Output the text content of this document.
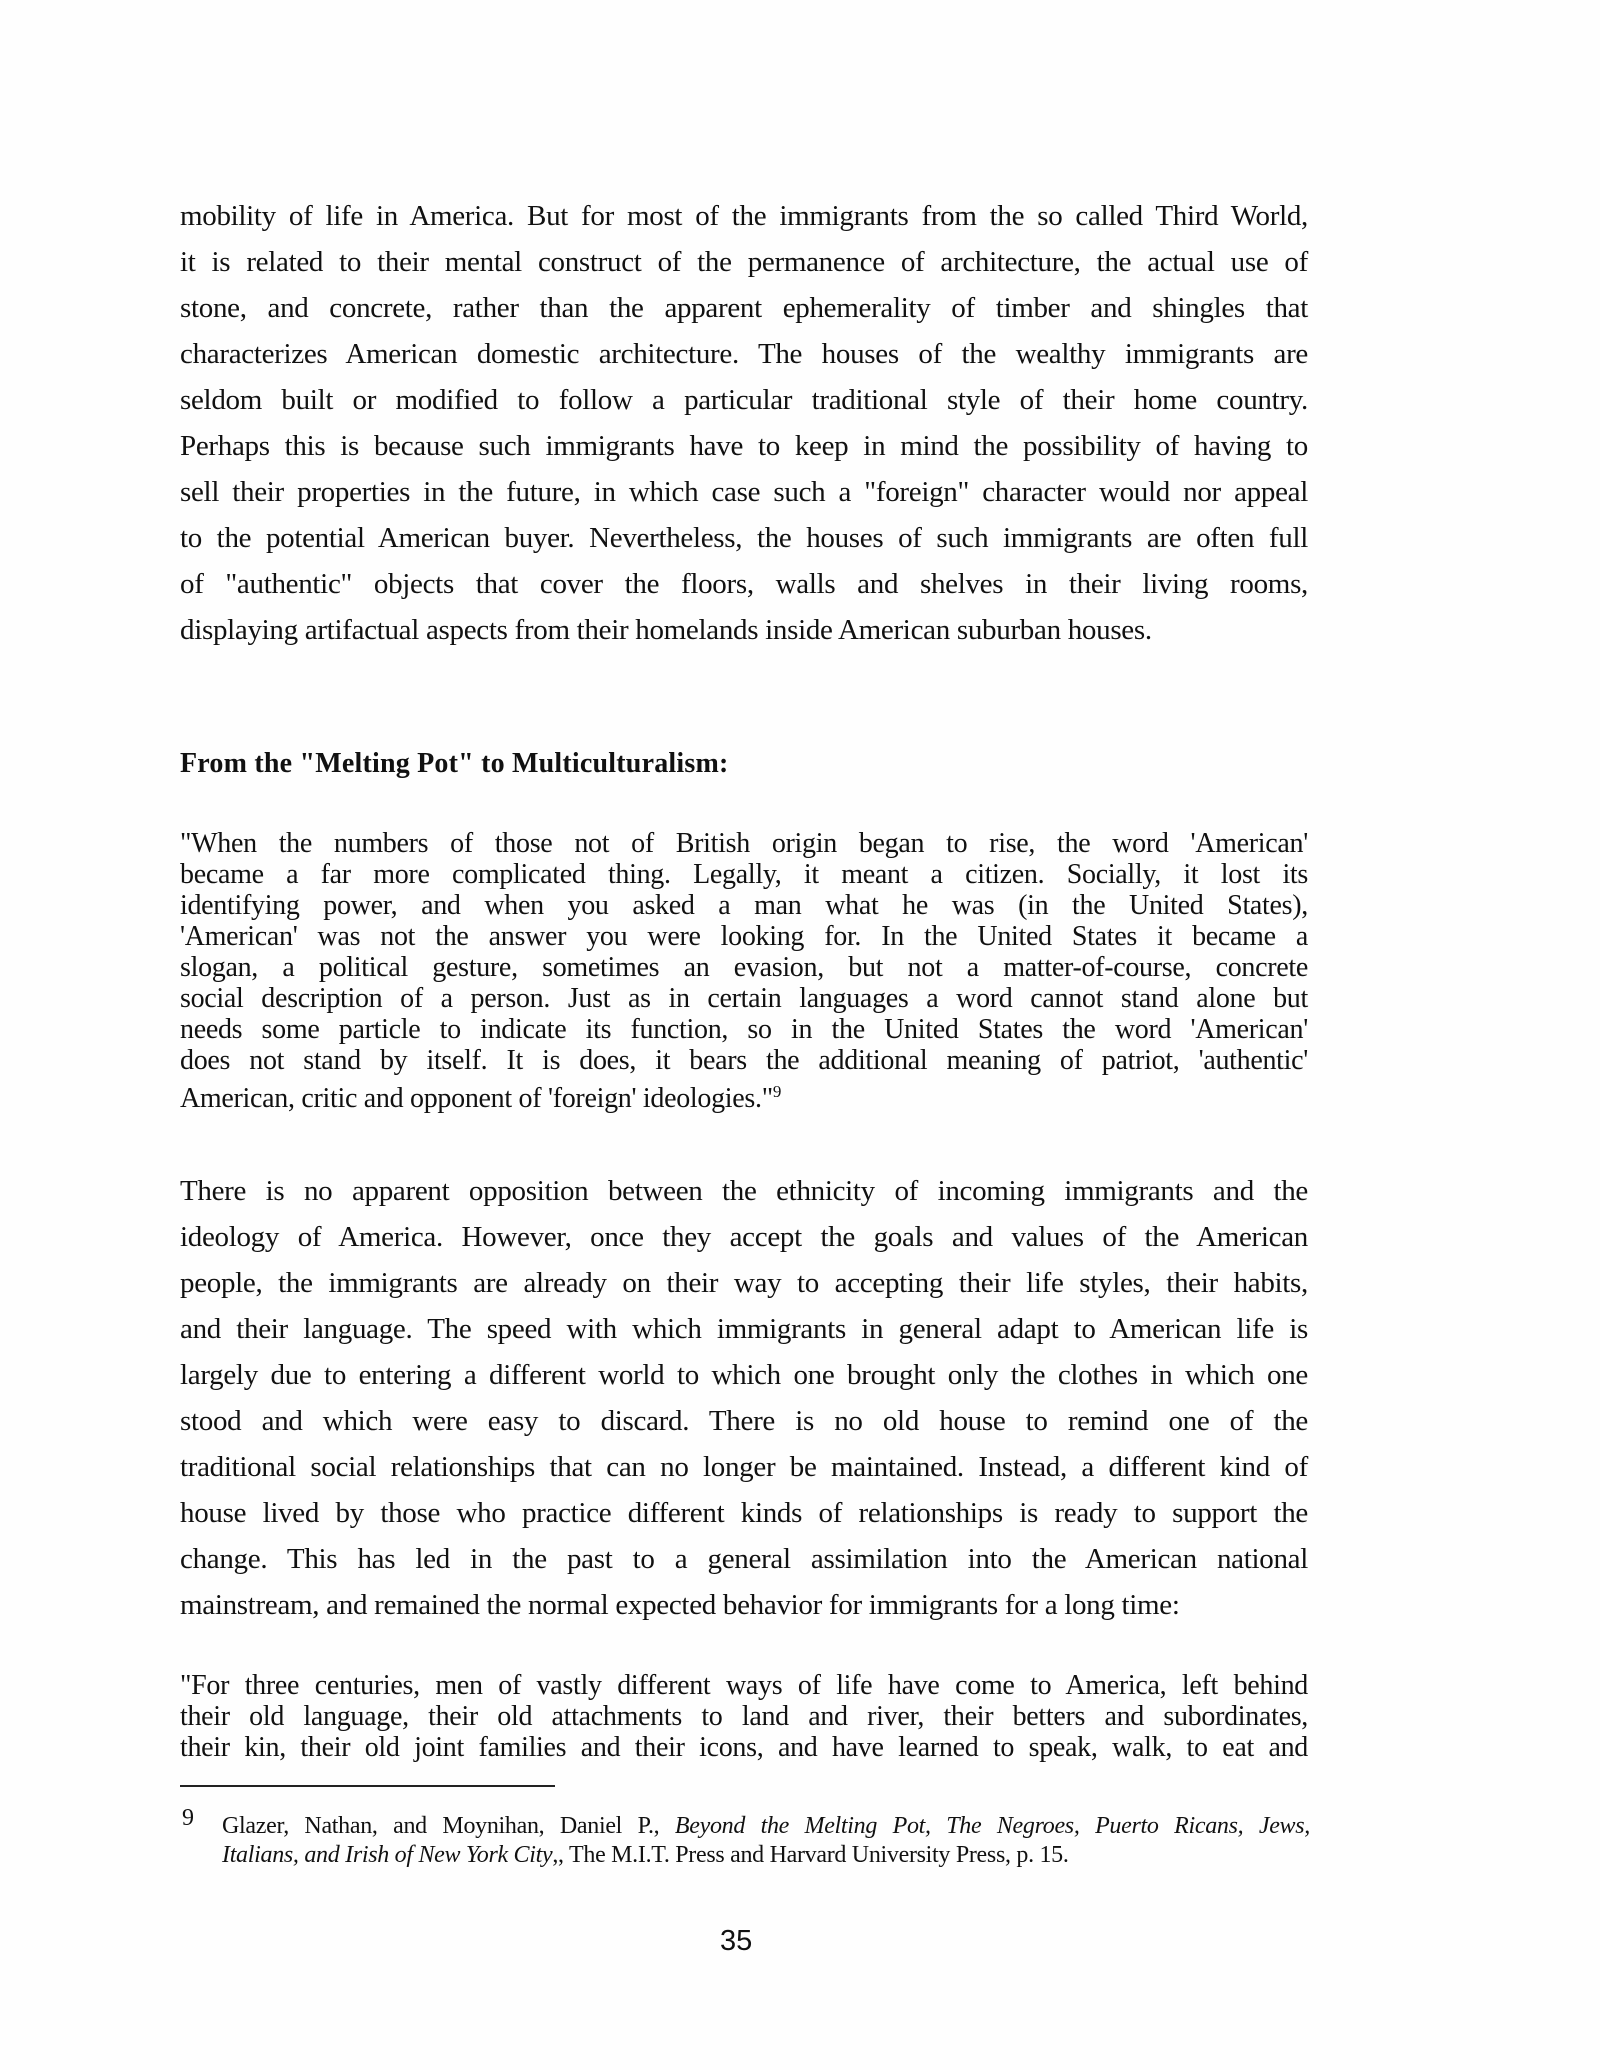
mobility of life in America. But for most of the immigrants from the so called Third World,
it is related to their mental construct of the permanence of architecture, the actual use of
stone, and concrete, rather than the apparent ephemerality of timber and shingles that
characterizes American domestic architecture. The houses of the wealthy immigrants are
seldom built or modified to follow a particular traditional style of their home country.
Perhaps this is because such immigrants have to keep in mind the possibility of having to
sell their properties in the future, in which case such a "foreign" character would nor appeal
to the potential American buyer. Nevertheless, the houses of such immigrants are often full
of "authentic" objects that cover the floors, walls and shelves in their living rooms,
displaying artifactual aspects from their homelands inside American suburban houses.
From the "Melting Pot" to Multiculturalism:
"When the numbers of those not of British origin began to rise, the word 'American'
became a far more complicated thing. Legally, it meant a citizen. Socially, it lost its
identifying power, and when you asked a man what he was (in the United States),
'American' was not the answer you were looking for. In the United States it became a
slogan, a political gesture, sometimes an evasion, but not a matter-of-course, concrete
social description of a person. Just as in certain languages a word cannot stand alone but
needs some particle to indicate its function, so in the United States the word 'American'
does not stand by itself. It is does, it bears the additional meaning of patriot, 'authentic'
American, critic and opponent of 'foreign' ideologies."$^9$
There is no apparent opposition between the ethnicity of incoming immigrants and the
ideology of America. However, once they accept the goals and values of the American
people, the immigrants are already on their way to accepting their life styles, their habits,
and their language. The speed with which immigrants in general adapt to American life is
largely due to entering a different world to which one brought only the clothes in which one
stood and which were easy to discard. There is no old house to remind one of the
traditional social relationships that can no longer be maintained. Instead, a different kind of
house lived by those who practice different kinds of relationships is ready to support the
change. This has led in the past to a general assimilation into the American national
mainstream, and remained the normal expected behavior for immigrants for a long time:
"For three centuries, men of vastly different ways of life have come to America, left behind
their old language, their old attachments to land and river, their betters and subordinates,
their kin, their old joint families and their icons, and have learned to speak, walk, to eat and
9 Glazer, Nathan, and Moynihan, Daniel P., Beyond the Melting Pot, The Negroes, Puerto Ricans, Jews,
Italians, and Irish of New York City,, The M.I.T. Press and Harvard University Press, p. 15.
35
